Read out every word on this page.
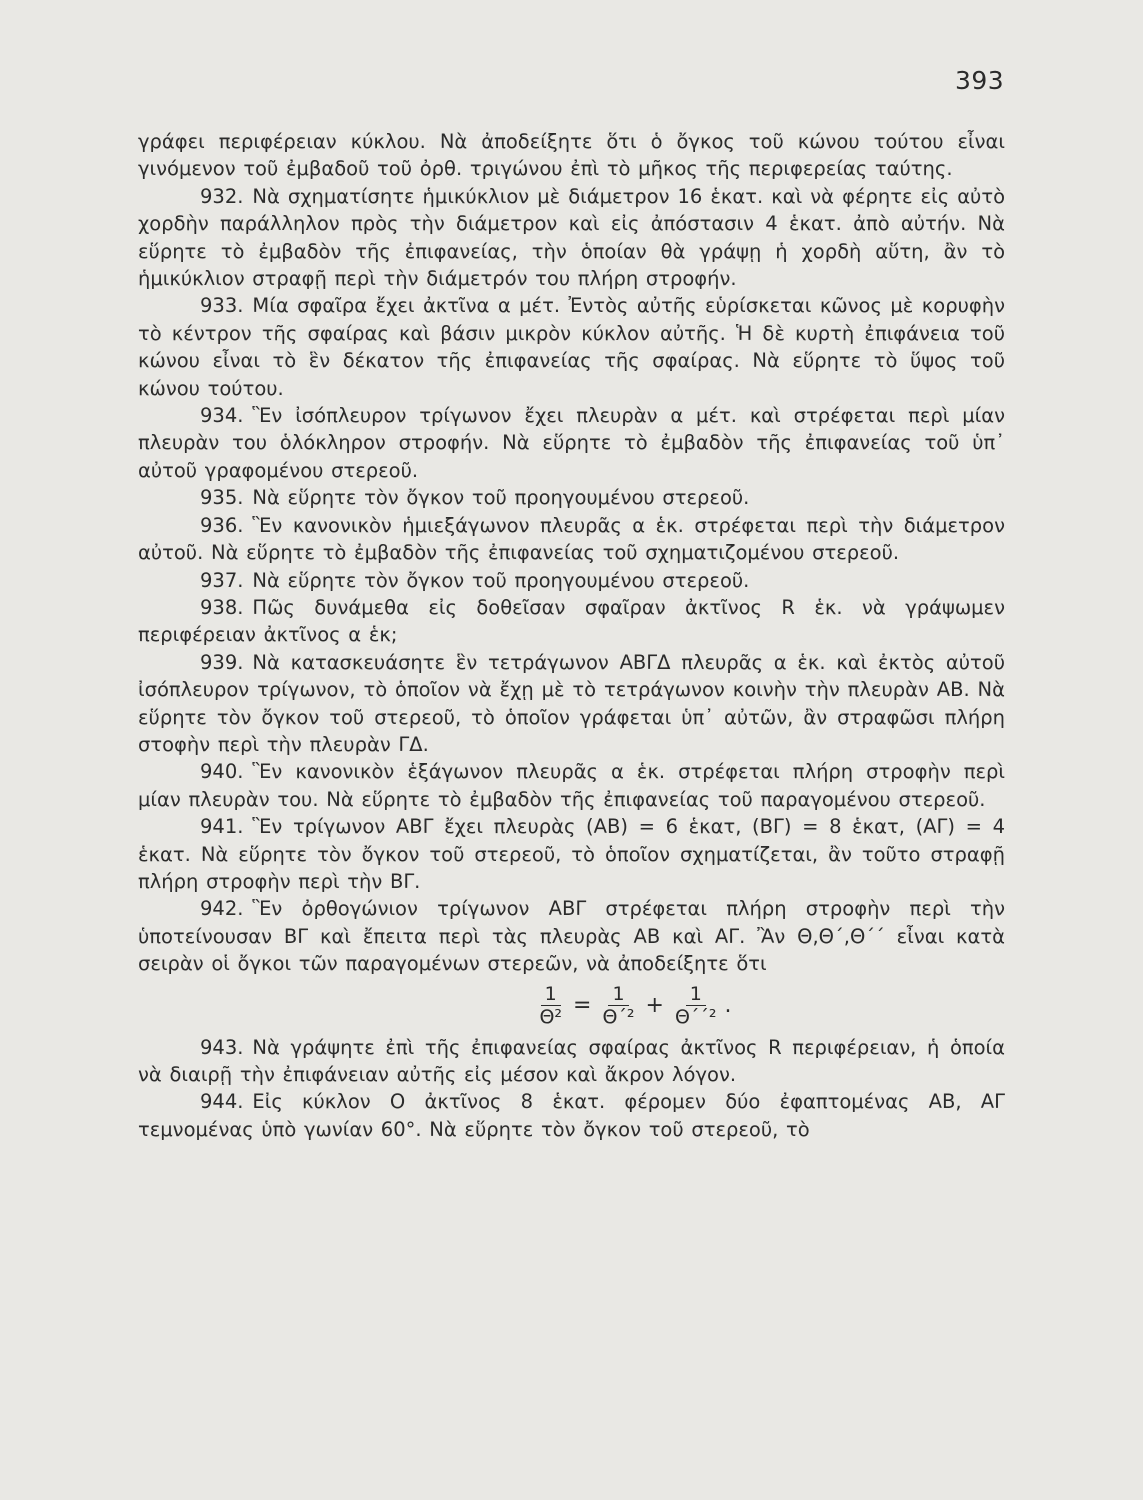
393

γράφει περιφέρειαν κύκλου. Νὰ ἀποδείξητε ὅτι ὁ ὄγκος τοῦ κώνου τούτου εἶναι γινόμενον τοῦ ἐμβαδοῦ τοῦ ὀρθ. τριγώνου ἐπὶ τὸ μῆκος τῆς περιφερείας ταύτης.

932. Νὰ σχηματίσητε ἡμικύκλιον μὲ διάμετρον 16 ἑκατ. καὶ νὰ φέρητε εἰς αὐτὸ χορδὴν παράλληλον πρὸς τὴν διάμετρον καὶ εἰς ἀπόστασιν 4 ἑκατ. ἀπὸ αὐτήν. Νὰ εὕρητε τὸ ἐμβαδὸν τῆς ἐπιφανείας, τὴν ὁποίαν θὰ γράψῃ ἡ χορδὴ αὕτη, ἂν τὸ ἡμικύκλιον στραφῇ περὶ τὴν διάμετρόν του πλήρη στροφήν.

933. Μία σφαῖρα ἔχει ἀκτῖνα α μέτ. Ἐντὸς αὐτῆς εὑρίσκεται κῶνος μὲ κορυφὴν τὸ κέντρον τῆς σφαίρας καὶ βάσιν μικρὸν κύκλον αὐτῆς. Ἡ δὲ κυρτὴ ἐπιφάνεια τοῦ κώνου εἶναι τὸ ἓν δέκατον τῆς ἐπιφανείας τῆς σφαίρας. Νὰ εὕρητε τὸ ὕψος τοῦ κώνου τούτου.

934. Ἓν ἰσόπλευρον τρίγωνον ἔχει πλευρὰν α μέτ. καὶ στρέφεται περὶ μίαν πλευρὰν του ὁλόκληρον στροφήν. Νὰ εὕρητε τὸ ἐμβαδὸν τῆς ἐπιφανείας τοῦ ὑπ᾿ αὐτοῦ γραφομένου στερεοῦ.

935. Νὰ εὕρητε τὸν ὄγκον τοῦ προηγουμένου στερεοῦ.

936. Ἓν κανονικὸν ἡμιεξάγωνον πλευρᾶς α ἑκ. στρέφεται περὶ τὴν διάμετρον αὐτοῦ. Νὰ εὕρητε τὸ ἐμβαδὸν τῆς ἐπιφανείας τοῦ σχηματιζομένου στερεοῦ.

937. Νὰ εὕρητε τὸν ὄγκον τοῦ προηγουμένου στερεοῦ.

938. Πῶς δυνάμεθα εἰς δοθεῖσαν σφαῖραν ἀκτῖνος R ἑκ. νὰ γράψωμεν περιφέρειαν ἀκτῖνος α ἑκ;

939. Νὰ κατασκευάσητε ἓν τετράγωνον ΑΒΓΔ πλευρᾶς α ἑκ. καὶ ἐκτὸς αὐτοῦ ἰσόπλευρον τρίγωνον, τὸ ὁποῖον νὰ ἔχῃ μὲ τὸ τετράγωνον κοινὴν τὴν πλευρὰν ΑΒ. Νὰ εὕρητε τὸν ὄγκον τοῦ στερεοῦ, τὸ ὁποῖον γράφεται ὑπ᾿ αὐτῶν, ἂν στραφῶσι πλήρη στοφὴν περὶ τὴν πλευρὰν ΓΔ.

940. Ἓν κανονικὸν ἑξάγωνον πλευρᾶς α ἑκ. στρέφεται πλήρη στροφὴν περὶ μίαν πλευρὰν του. Νὰ εὕρητε τὸ ἐμβαδὸν τῆς ἐπιφανείας τοῦ παραγομένου στερεοῦ.

941. Ἓν τρίγωνον ΑΒΓ ἔχει πλευρὰς (ΑΒ) = 6 ἑκατ, (ΒΓ) = 8 ἑκατ, (ΑΓ) = 4 ἑκατ. Νὰ εὕρητε τὸν ὄγκον τοῦ στερεοῦ, τὸ ὁποῖον σχηματίζεται, ἂν τοῦτο στραφῇ πλήρη στροφὴν περὶ τὴν ΒΓ.

942. Ἓν ὀρθογώνιον τρίγωνον ΑΒΓ στρέφεται πλήρη στροφὴν περὶ τὴν ὑποτείνουσαν ΒΓ καὶ ἔπειτα περὶ τὰς πλευρὰς ΑΒ καὶ ΑΓ. Ἂν Θ,Θ΄,Θ΄΄ εἶναι κατὰ σειρὰν οἱ ὄγκοι τῶν παραγομένων στερεῶν, νὰ ἀποδείξητε ὅτι

$\frac{1}{\text{Θ²}} = \frac{1}{\text{Θ΄²}} + \frac{1}{\text{Θ΄΄²}}$ .

943. Νὰ γράψητε ἐπὶ τῆς ἐπιφανείας σφαίρας ἀκτῖνος R περιφέρειαν, ἡ ὁποία νὰ διαιρῇ τὴν ἐπιφάνειαν αὐτῆς εἰς μέσον καὶ ἄκρον λόγον.

944. Εἰς κύκλον Ο ἀκτῖνος 8 ἑκατ. φέρομεν δύο ἐφαπτομένας ΑΒ, ΑΓ τεμνομένας ὑπὸ γωνίαν 60°. Νὰ εὕρητε τὸν ὄγκον τοῦ στερεοῦ, τὸ
